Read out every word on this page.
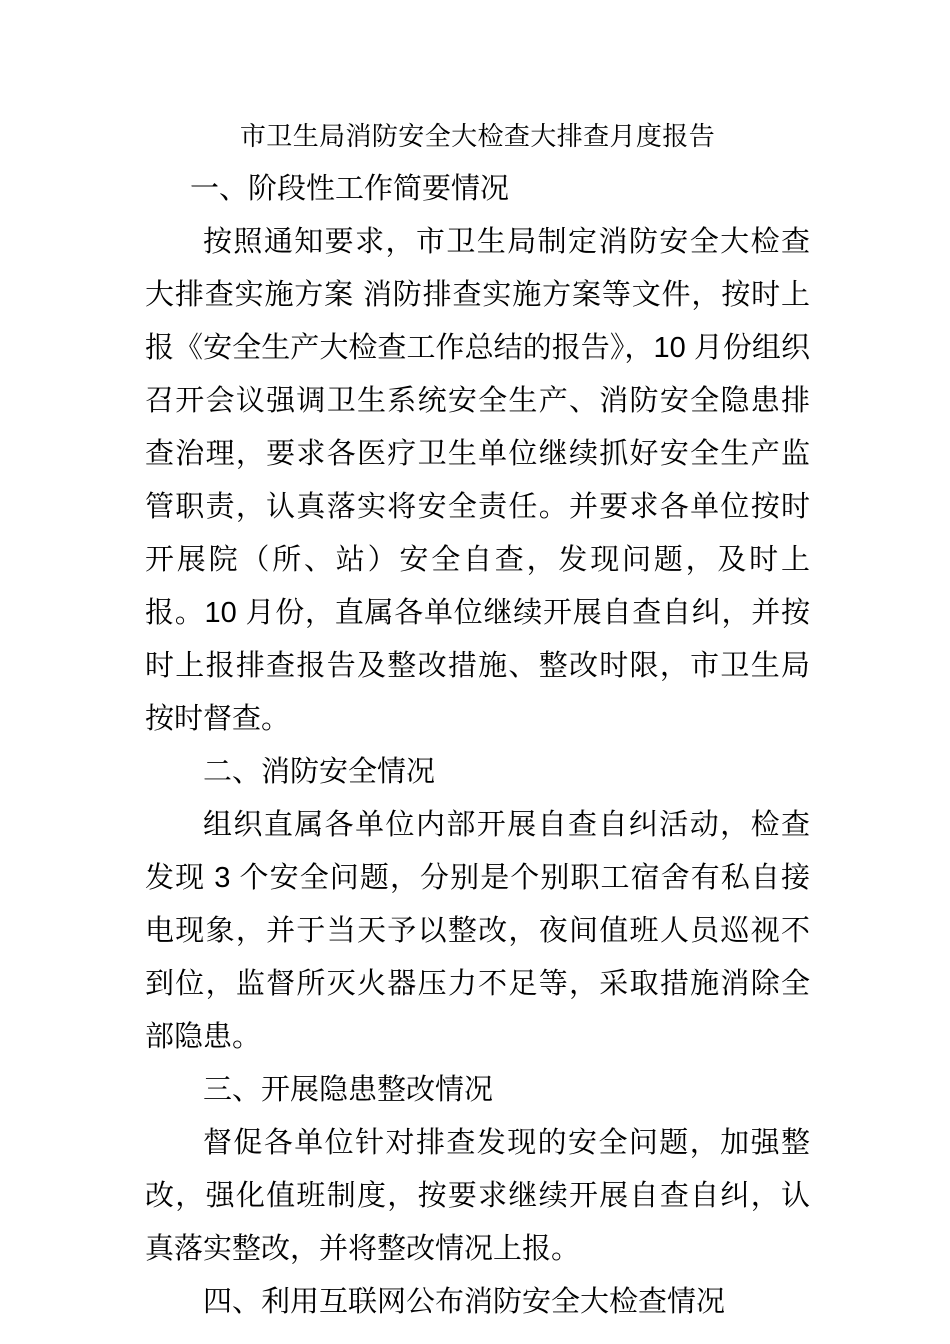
市卫生局消防安全大检查大排查月度报告
一、阶段性工作简要情况

按照通知要求，市卫生局制定消防安全大检查大排查实施方案 消防排查实施方案等文件，按时上报《安全生产大检查工作总结的报告》，10 月份组织召开会议强调卫生系统安全生产、消防安全隐患排查治理，要求各医疗卫生单位继续抓好安全生产监管职责，认真落实将安全责任。并要求各单位按时开展院（所、站）安全自查，发现问题，及时上报。10 月份，直属各单位继续开展自查自纠，并按时上报排查报告及整改措施、整改时限，市卫生局按时督查。

二、消防安全情况

组织直属各单位内部开展自查自纠活动，检查发现 3 个安全问题，分别是个别职工宿舍有私自接电现象，并于当天予以整改，夜间值班人员巡视不到位，监督所灭火器压力不足等，采取措施消除全部隐患。

三、开展隐患整改情况

督促各单位针对排查发现的安全问题，加强整改，强化值班制度，按要求继续开展自查自纠，认真落实整改，并将整改情况上报。

四、利用互联网公布消防安全大检查情况
